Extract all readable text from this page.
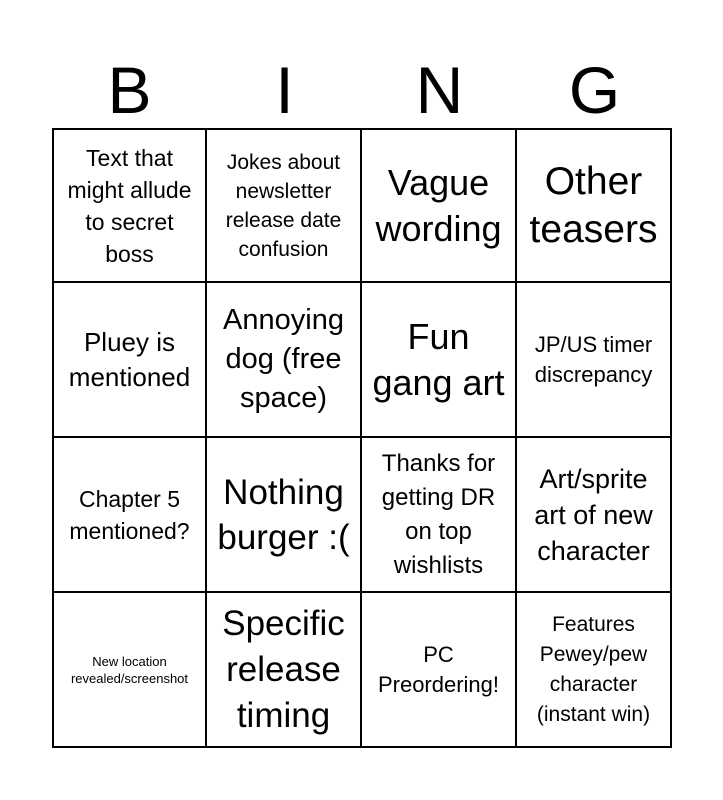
B	I	N	G
Text that might allude to secret boss
Jokes about newsletter release date confusion
Vague wording
Other teasers
Pluey is mentioned
Annoying dog (free space)
Fun gang art
JP/US timer discrepancy
Chapter 5 mentioned?
Nothing burger :(
Thanks for getting DR on top wishlists
Art/sprite art of new character
New location revealed/screenshot
Specific release timing
PC Preordering!
Features Pewey/pew character (instant win)
